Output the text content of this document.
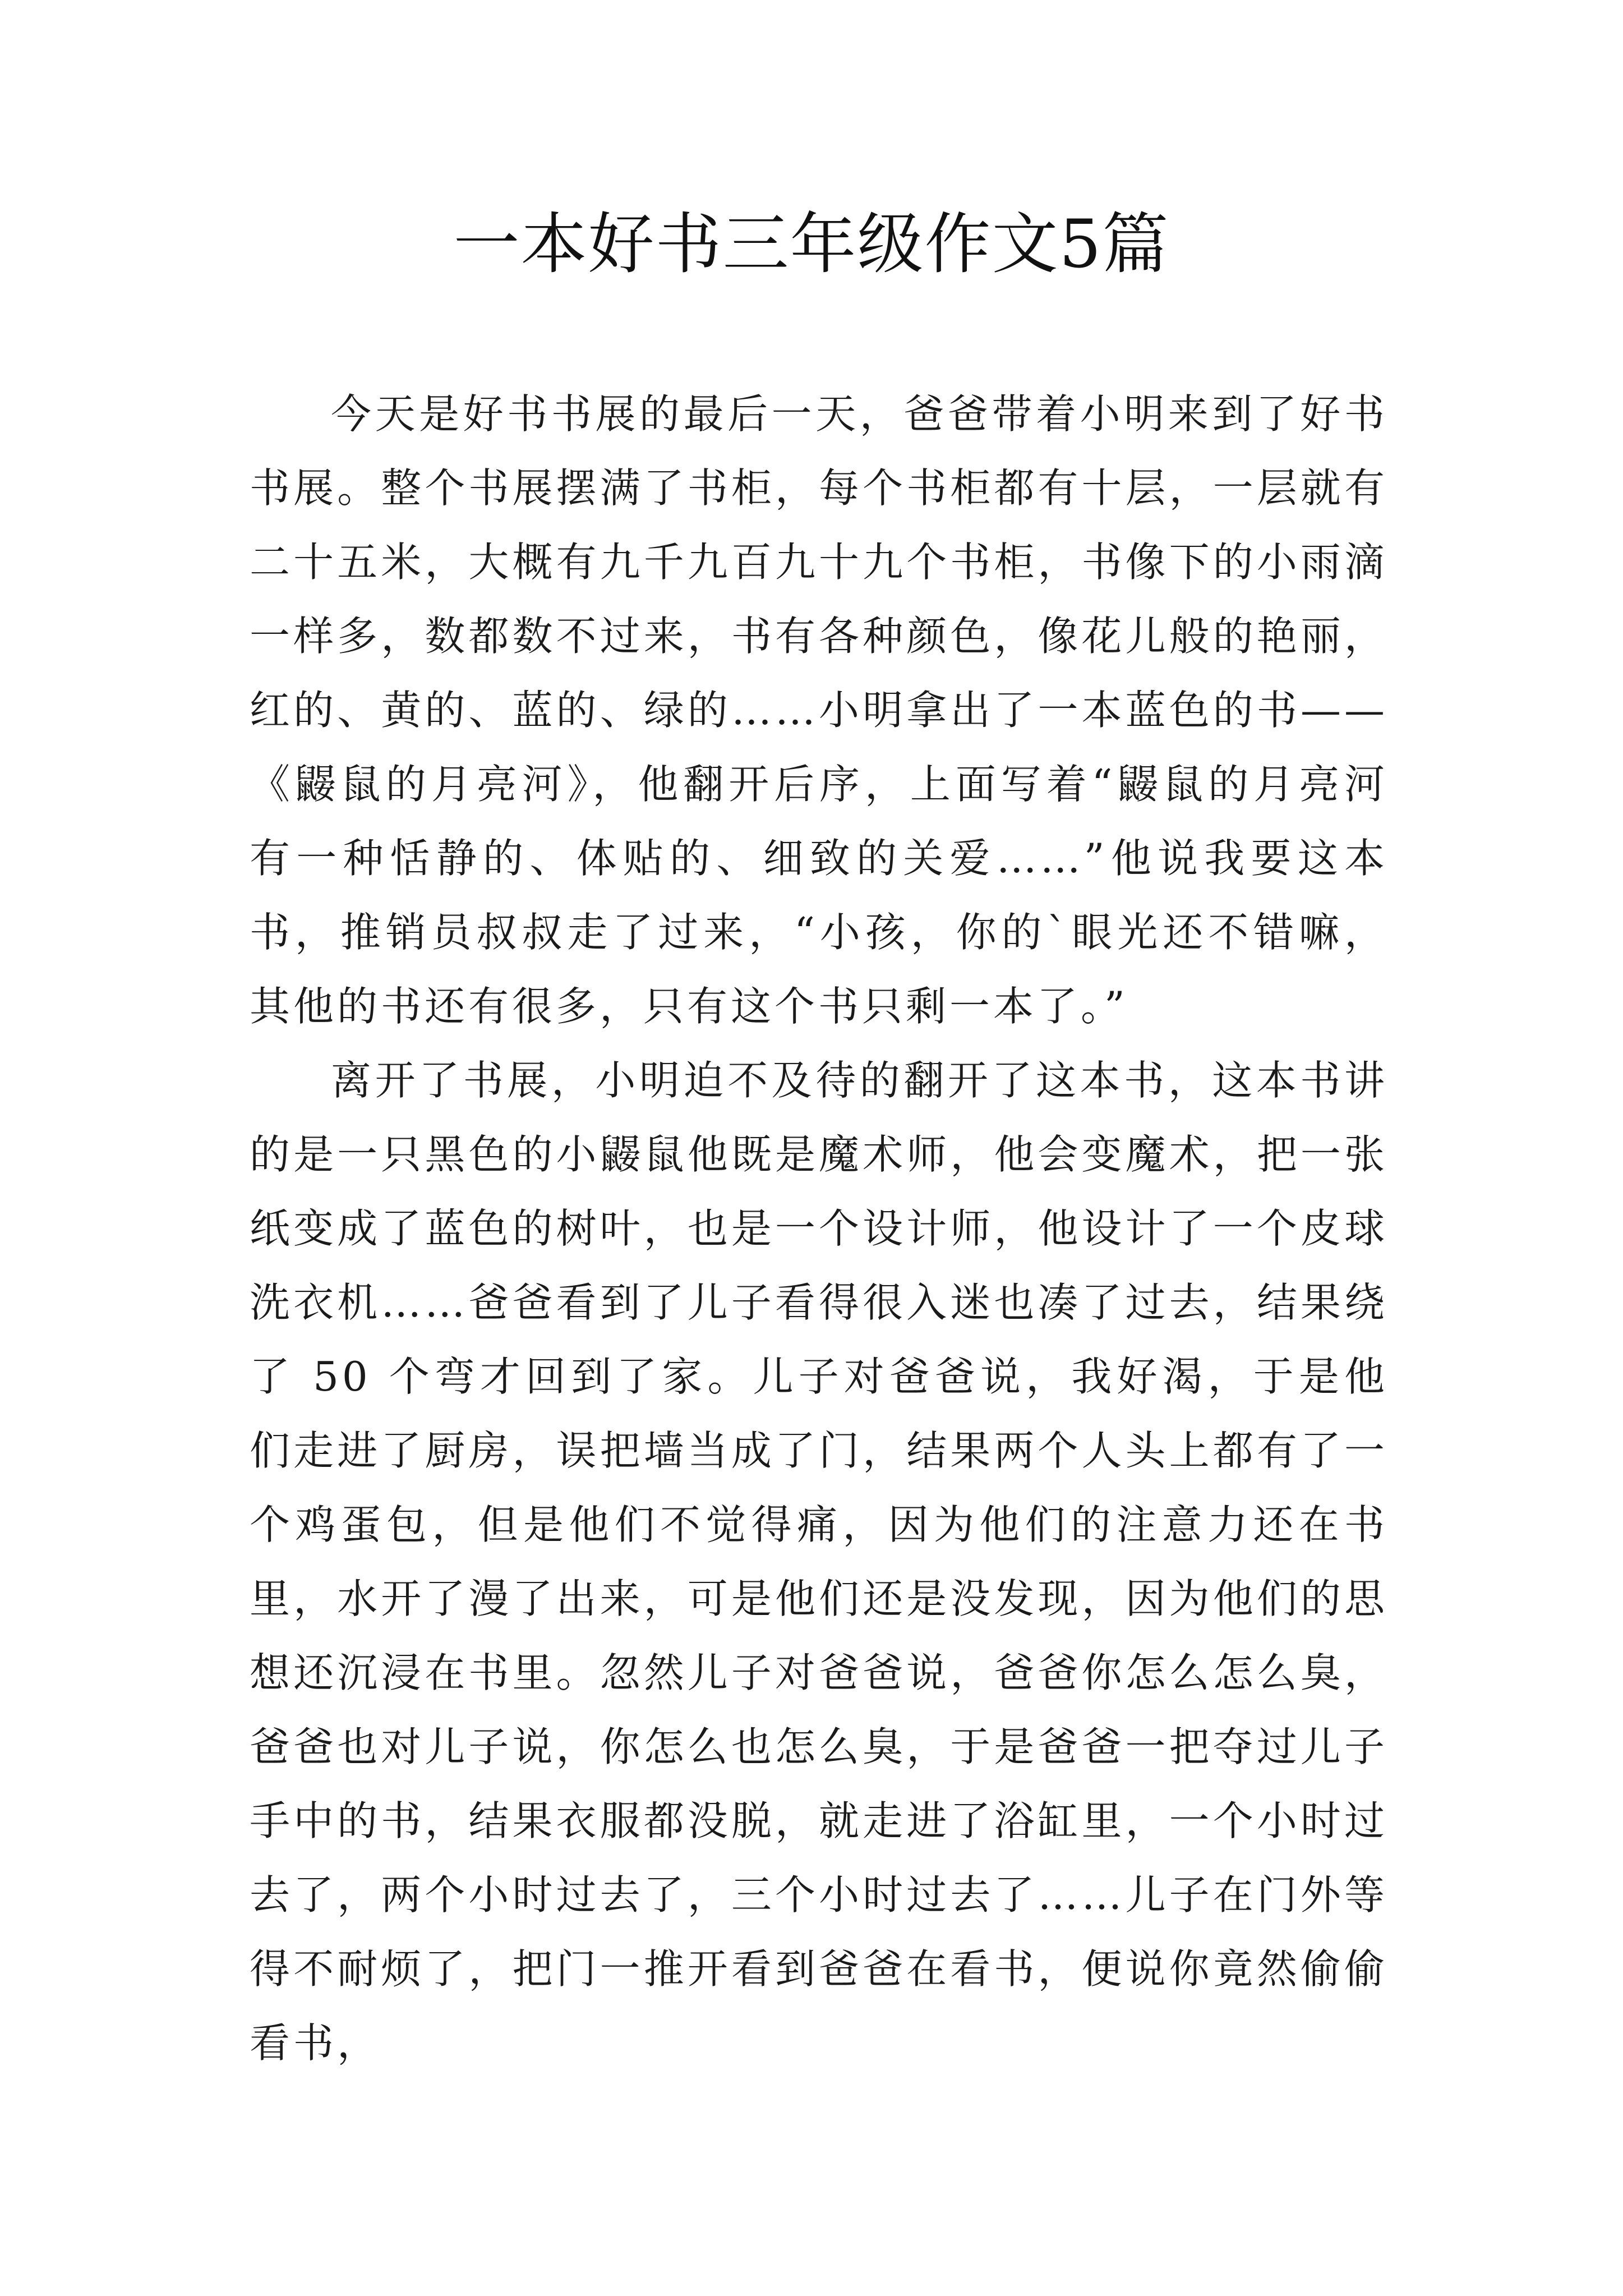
一本好书三年级作文5篇

今天是好书书展的最后一天，爸爸带着小明来到了好书书展。整个书展摆满了书柜，每个书柜都有十层，一层就有二十五米，大概有九千九百九十九个书柜，书像下的小雨滴一样多，数都数不过来，书有各种颜色，像花儿般的艳丽，红的、黄的、蓝的、绿的……小明拿出了一本蓝色的书——《鼹鼠的月亮河》，他翻开后序，上面写着“鼹鼠的月亮河有一种恬静的、体贴的、细致的关爱……”他说我要这本书，推销员叔叔走了过来，“小孩，你的`眼光还不错嘛，其他的书还有很多，只有这个书只剩一本了。”

离开了书展，小明迫不及待的翻开了这本书，这本书讲的是一只黑色的小鼹鼠他既是魔术师，他会变魔术，把一张纸变成了蓝色的树叶，也是一个设计师，他设计了一个皮球洗衣机……爸爸看到了儿子看得很入迷也凑了过去，结果绕了 50 个弯才回到了家。儿子对爸爸说，我好渴，于是他们走进了厨房，误把墙当成了门，结果两个人头上都有了一个鸡蛋包，但是他们不觉得痛，因为他们的注意力还在书里，水开了漫了出来，可是他们还是没发现，因为他们的思想还沉浸在书里。忽然儿子对爸爸说，爸爸你怎么怎么臭，爸爸也对儿子说，你怎么也怎么臭，于是爸爸一把夺过儿子手中的书，结果衣服都没脱，就走进了浴缸里，一个小时过去了，两个小时过去了，三个小时过去了……儿子在门外等得不耐烦了，把门一推开看到爸爸在看书，便说你竟然偷偷看书，
